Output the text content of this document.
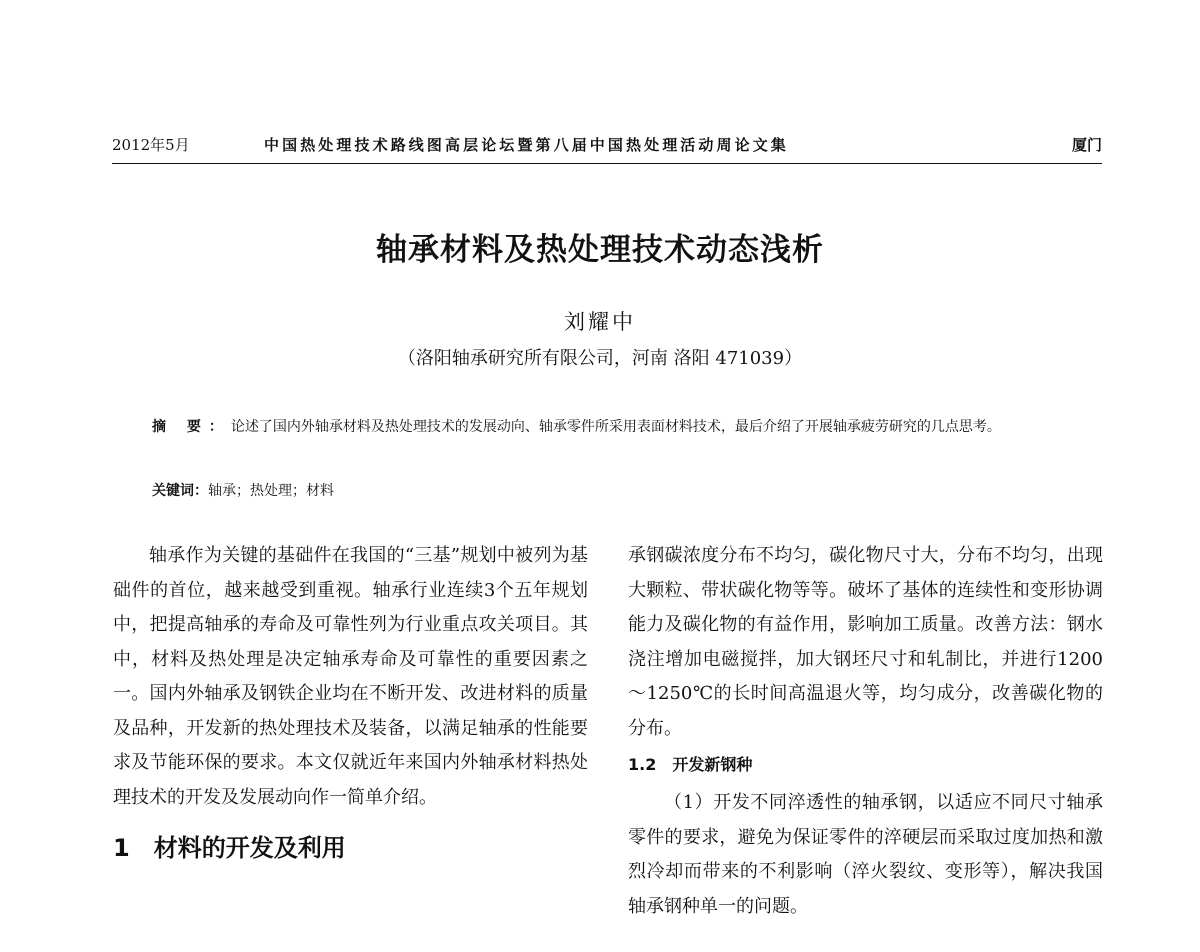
2012年5月	中国热处理技术路线图高层论坛暨第八届中国热处理活动周论文集	厦门
轴承材料及热处理技术动态浅析
刘耀中
（洛阳轴承研究所有限公司，河南 洛阳 471039）
摘 要：论述了国内外轴承材料及热处理技术的发展动向、轴承零件所采用表面材料技术，最后介绍了开展轴承疲劳研究的几点思考。
关键词：轴承；热处理；材料

轴承作为关键的基础件在我国的“三基”规划中被列为基础件的首位，越来越受到重视。轴承行业连续3个五年规划中，把提高轴承的寿命及可靠性列为行业重点攻关项目。其中，材料及热处理是决定轴承寿命及可靠性的重要因素之一。国内外轴承及钢铁企业均在不断开发、改进材料的质量及品种，开发新的热处理技术及装备，以满足轴承的性能要求及节能环保的要求。本文仅就近年来国内外轴承材料热处理技术的开发及发展动向作一简单介绍。

1 材料的开发及利用

承钢碳浓度分布不均匀，碳化物尺寸大，分布不均匀，出现大颗粒、带状碳化物等等。破坏了基体的连续性和变形协调能力及碳化物的有益作用，影响加工质量。改善方法：钢水浇注增加电磁搅拌，加大钢坯尺寸和轧制比，并进行1200～1250℃的长时间高温退火等，均匀成分，改善碳化物的分布。

1.2 开发新钢种

（1）开发不同淬透性的轴承钢，以适应不同尺寸轴承零件的要求，避免为保证零件的淬硬层而采取过度加热和激烈冷却而带来的不利影响（淬火裂纹、变形等），解决我国轴承钢种单一的问题。
